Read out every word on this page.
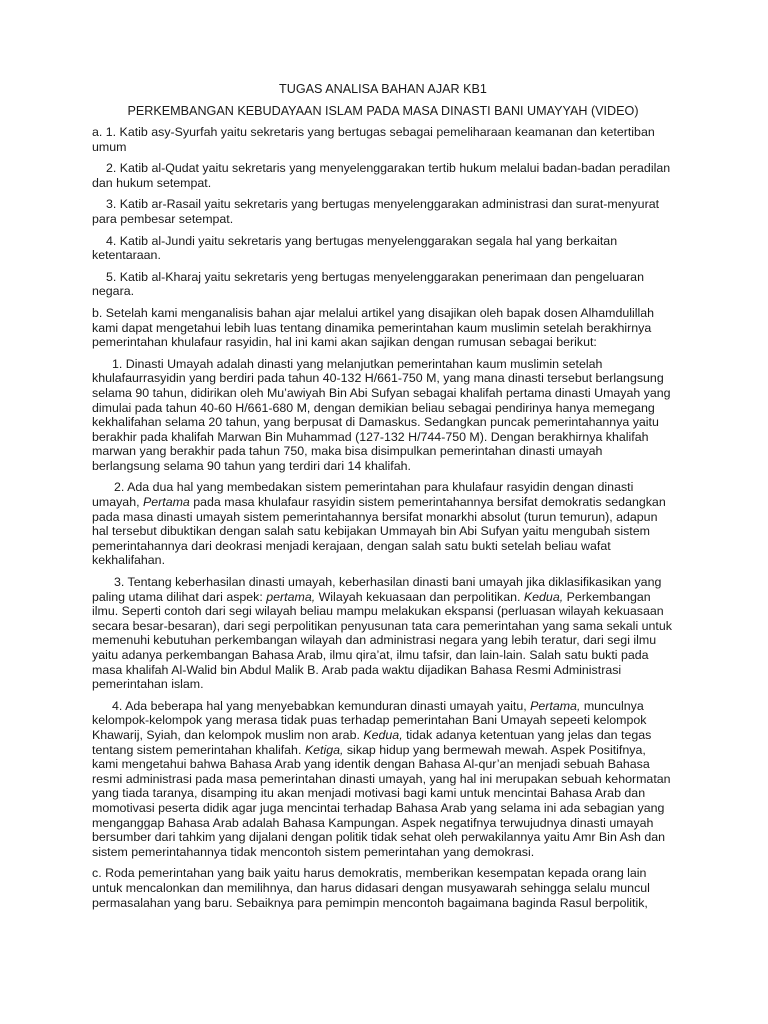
TUGAS ANALISA BAHAN AJAR KB1

PERKEMBANGAN KEBUDAYAAN ISLAM PADA MASA DINASTI BANI UMAYYAH (VIDEO)

a. 1. Katib asy-Syurfah yaitu sekretaris yang bertugas sebagai pemeliharaan keamanan dan ketertiban umum

2. Katib al-Qudat yaitu sekretaris yang menyelenggarakan tertib hukum melalui badan-badan peradilan dan hukum setempat.

3. Katib ar-Rasail yaitu sekretaris yang bertugas menyelenggarakan administrasi dan surat-menyurat para pembesar setempat.

4. Katib al-Jundi yaitu sekretaris yang bertugas menyelenggarakan segala hal yang berkaitan ketentaraan.

5. Katib al-Kharaj yaitu sekretaris yeng bertugas menyelenggarakan penerimaan dan pengeluaran negara.

b. Setelah kami menganalisis bahan ajar melalui artikel yang disajikan oleh bapak dosen Alhamdulillah kami dapat mengetahui lebih luas tentang dinamika pemerintahan kaum muslimin setelah berakhirnya pemerintahan khulafaur rasyidin, hal ini kami akan sajikan dengan rumusan sebagai berikut:

1. Dinasti Umayah adalah dinasti yang melanjutkan pemerintahan kaum muslimin setelah khulafaurrasyidin yang berdiri pada tahun 40-132 H/661-750 M, yang mana dinasti tersebut berlangsung selama 90 tahun, didirikan oleh Mu’awiyah Bin Abi Sufyan sebagai khalifah pertama dinasti Umayah yang dimulai pada tahun 40-60 H/661-680 M, dengan demikian beliau sebagai pendirinya hanya memegang kekhalifahan selama 20 tahun, yang berpusat di Damaskus. Sedangkan puncak pemerintahannya yaitu berakhir pada khalifah Marwan Bin Muhammad (127-132 H/744-750 M). Dengan berakhirnya khalifah marwan yang berakhir pada tahun 750, maka bisa disimpulkan pemerintahan dinasti umayah berlangsung selama 90 tahun yang terdiri dari 14 khalifah.

2. Ada dua hal yang membedakan sistem pemerintahan para khulafaur rasyidin dengan dinasti umayah, Pertama pada masa khulafaur rasyidin sistem pemerintahannya bersifat demokratis sedangkan pada masa dinasti umayah sistem pemerintahannya bersifat monarkhi absolut (turun temurun), adapun hal tersebut dibuktikan dengan salah satu kebijakan Ummayah bin Abi Sufyan yaitu mengubah sistem pemerintahannya dari deokrasi menjadi kerajaan, dengan salah satu bukti setelah beliau wafat kekhalifahan.

3. Tentang keberhasilan dinasti umayah, keberhasilan dinasti bani umayah jika diklasifikasikan yang paling utama dilihat dari aspek: pertama, Wilayah kekuasaan dan perpolitikan. Kedua, Perkembangan ilmu. Seperti contoh dari segi wilayah beliau mampu melakukan ekspansi (perluasan wilayah kekuasaan secara besar-besaran), dari segi perpolitikan penyusunan tata cara pemerintahan yang sama sekali untuk memenuhi kebutuhan perkembangan wilayah dan administrasi negara yang lebih teratur, dari segi ilmu yaitu adanya perkembangan Bahasa Arab, ilmu qira’at, ilmu tafsir, dan lain-lain. Salah satu bukti pada masa khalifah Al-Walid bin Abdul Malik B. Arab pada waktu dijadikan Bahasa Resmi Administrasi pemerintahan islam.

4. Ada beberapa hal yang menyebabkan kemunduran dinasti umayah yaitu, Pertama, munculnya kelompok-kelompok yang merasa tidak puas terhadap pemerintahan Bani Umayah sepeeti kelompok Khawarij, Syiah, dan kelompok muslim non arab. Kedua, tidak adanya ketentuan yang jelas dan tegas tentang sistem pemerintahan khalifah. Ketiga, sikap hidup yang bermewah mewah. Aspek Positifnya, kami mengetahui bahwa Bahasa Arab yang identik dengan Bahasa Al-qur’an menjadi sebuah Bahasa resmi administrasi pada masa pemerintahan dinasti umayah, yang hal ini merupakan sebuah kehormatan yang tiada taranya, disamping itu akan menjadi motivasi bagi kami untuk mencintai Bahasa Arab dan momotivasi peserta didik agar juga mencintai terhadap Bahasa Arab yang selama ini ada sebagian yang menganggap Bahasa Arab adalah Bahasa Kampungan. Aspek negatifnya terwujudnya dinasti umayah bersumber dari tahkim yang dijalani dengan politik tidak sehat oleh perwakilannya yaitu Amr Bin Ash dan sistem pemerintahannya tidak mencontoh sistem pemerintahan yang demokrasi.

c. Roda pemerintahan yang baik yaitu harus demokratis, memberikan kesempatan kepada orang lain untuk mencalonkan dan memilihnya, dan harus didasari dengan musyawarah sehingga selalu muncul permasalahan yang baru. Sebaiknya para pemimpin mencontoh bagaimana baginda Rasul berpolitik,
